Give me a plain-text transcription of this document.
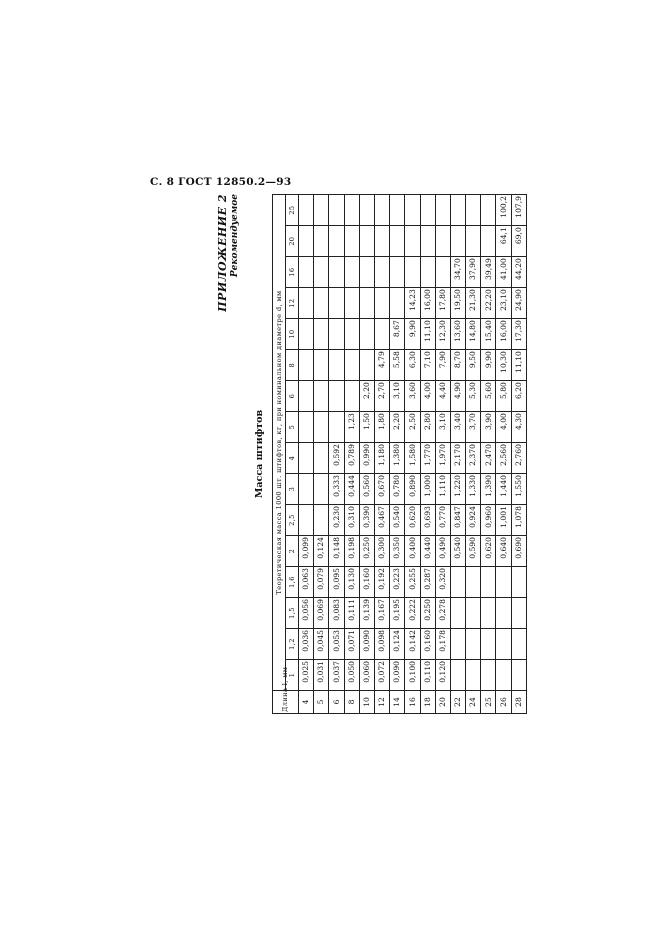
С. 8 ГОСТ 12850.2—93
ПРИЛОЖЕНИЕ 2 Рекомендуемое
Масса штифтов
Длина l, мм	Теоретическая масса 1000 шт. штифтов, кг, при номинальном диаметре d, мм															
	1	1,2	1,5	1,6	2	2,5	3	4	5	6	8	10	12	16	20	25
4	0,025	0,036	0,056	0,063	0,099											
5	0,031	0,045	0,069	0,079	0,124											
6	0,037	0,053	0,083	0,095	0,148	0,230	0,333	0,592								
8	0,050	0,071	0,111	0,130	0,198	0,310	0,444	0,789	1,23							
10	0,060	0,090	0,139	0,160	0,250	0,390	0,560	0,990	1,50	2,20						
12	0,072	0,098	0,167	0,192	0,300	0,467	0,670	1,180	1,80	2,70	4,79					
14	0,090	0,124	0,195	0,223	0,350	0,540	0,780	1,380	2,20	3,10	5,58	8,67				
16	0,100	0,142	0,222	0,255	0,400	0,620	0,890	1,580	2,50	3,60	6,30	9,90	14,23			
18	0,110	0,160	0,250	0,287	0,440	0,693	1,000	1,770	2,80	4,00	7,10	11,10	16,00			
20	0,120	0,178	0,278	0,320	0,490	0,770	1,110	1,970	3,10	4,40	7,90	12,30	17,80			
22					0,540	0,847	1,220	2,170	3,40	4,90	8,70	13,60	19,50	34,70		
24					0,590	0,924	1,330	2,370	3,70	5,30	9,50	14,80	21,30	37,90		
25					0,620	0,960	1,390	2,470	3,90	5,60	9,90	15,40	22,20	39,49		
26					0,640	1,001	1,440	2,560	4,00	5,80	10,30	16,00	23,10	41,00	64,1	100,2
28					0,690	1,078	1,550	2,760	4,30	6,20	11,10	17,30	24,90	44,20	69,0	107,9
